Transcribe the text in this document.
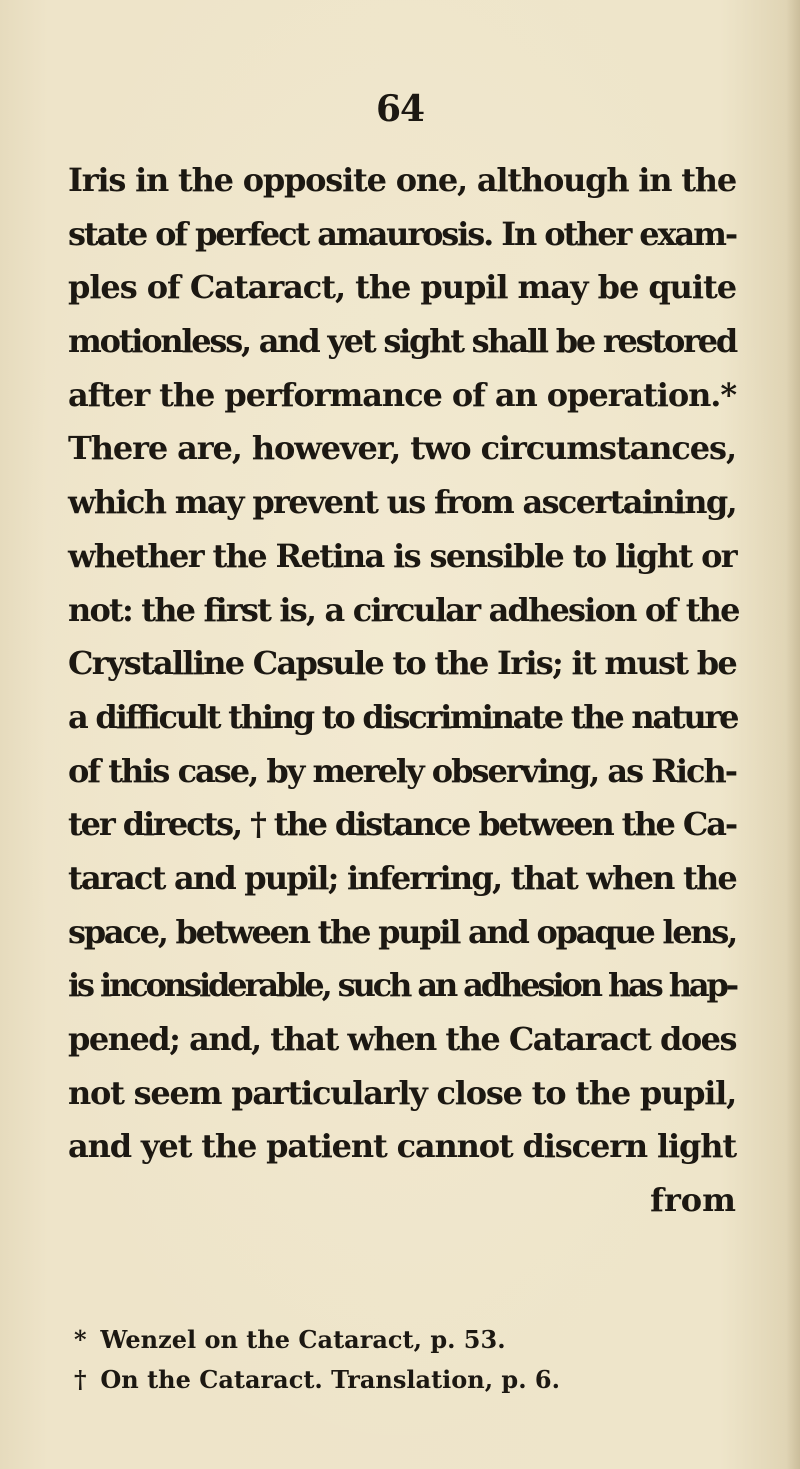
64
Iris in the opposite one, although in the
state of perfect amaurosis. In other exam-
ples of Cataract, the pupil may be quite
motionless, and yet sight shall be restored
after the performance of an operation.*
There are, however, two circumstances,
which may prevent us from ascertaining,
whether the Retina is sensible to light or
not: the first is, a circular adhesion of the
Crystalline Capsule to the Iris; it must be
a difficult thing to discriminate the nature
of this case, by merely observing, as Rich-
ter directs, † the distance between the Ca-
taract and pupil; inferring, that when the
space, between the pupil and opaque lens,
is inconsiderable, such an adhesion has hap-
pened; and, that when the Cataract does
not seem particularly close to the pupil,
and yet the patient cannot discern light
from
* Wenzel on the Cataract, p. 53.
† On the Cataract. Translation, p. 6.
